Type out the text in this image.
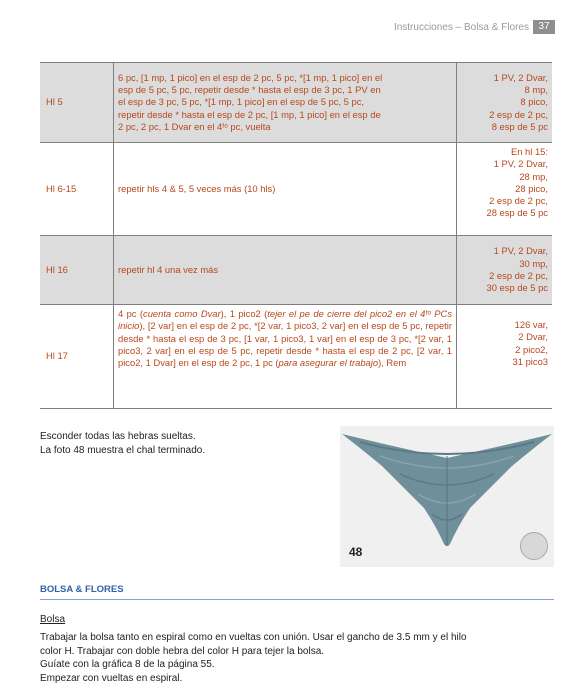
Instrucciones – Bolsa & Flores 37
Hl 5
6 pc, [1 mp, 1 pico] en el esp de 2 pc, 5 pc, *[1 mp, 1 pico] en el
esp de 5 pc, 5 pc, repetir desde * hasta el esp de 3 pc, 1 PV en
el esp de 3 pc, 5 pc, *[1 mp, 1 pico] en el esp de 5 pc, 5 pc,
repetir desde * hasta el esp de 2 pc, [1 mp, 1 pico] en el esp de
2 pc, 2 pc, 1 Dvar en el 4ᵗᵒ pc, vuelta
1 PV, 2 Dvar,
8 mp,
8 pico,
2 esp de 2 pc,
8 esp de 5 pc
Hl 6-15	repetir hls 4 & 5, 5 veces más (10 hls)
En hl 15:
1 PV, 2 Dvar,
28 mp,
28 pico,
2 esp de 2 pc,
28 esp de 5 pc
Hl 16	repetir hl 4 una vez más
1 PV, 2 Dvar,
30 mp,
2 esp de 2 pc,
30 esp de 5 pc
Hl 17
4 pc (cuenta como Dvar), 1 pico2 (tejer el pe de cierre del pico2 en el 4ᵗᵒ PCs inicio), [2 var] en el esp de 2 pc, *[2 var, 1 pico3, 2 var] en el esp de 5 pc, repetir desde * hasta el esp de 3 pc, [1 var, 1 pico3, 1 var] en el esp de 3 pc, *[2 var, 1 pico3, 2 var] en el esp de 5 pc, repetir desde * hasta el esp de 2 pc, [2 var, 1 pico2, 1 Dvar] en el esp de 2 pc, 1 pc (para asegurar el trabajo), Rem
126 var,
2 Dvar,
2 pico2,
31 pico3
Esconder todas las hebras sueltas.
La foto 48 muestra el chal terminado.
48
BOLSA & FLORES
Bolsa
Trabajar la bolsa tanto en espiral como en vueltas con unión. Usar el gancho de 3.5 mm y el hilo
color H. Trabajar con doble hebra del color H para tejer la bolsa.
Guíate con la gráfica 8 de la página 55.
Empezar con vueltas en espiral.
